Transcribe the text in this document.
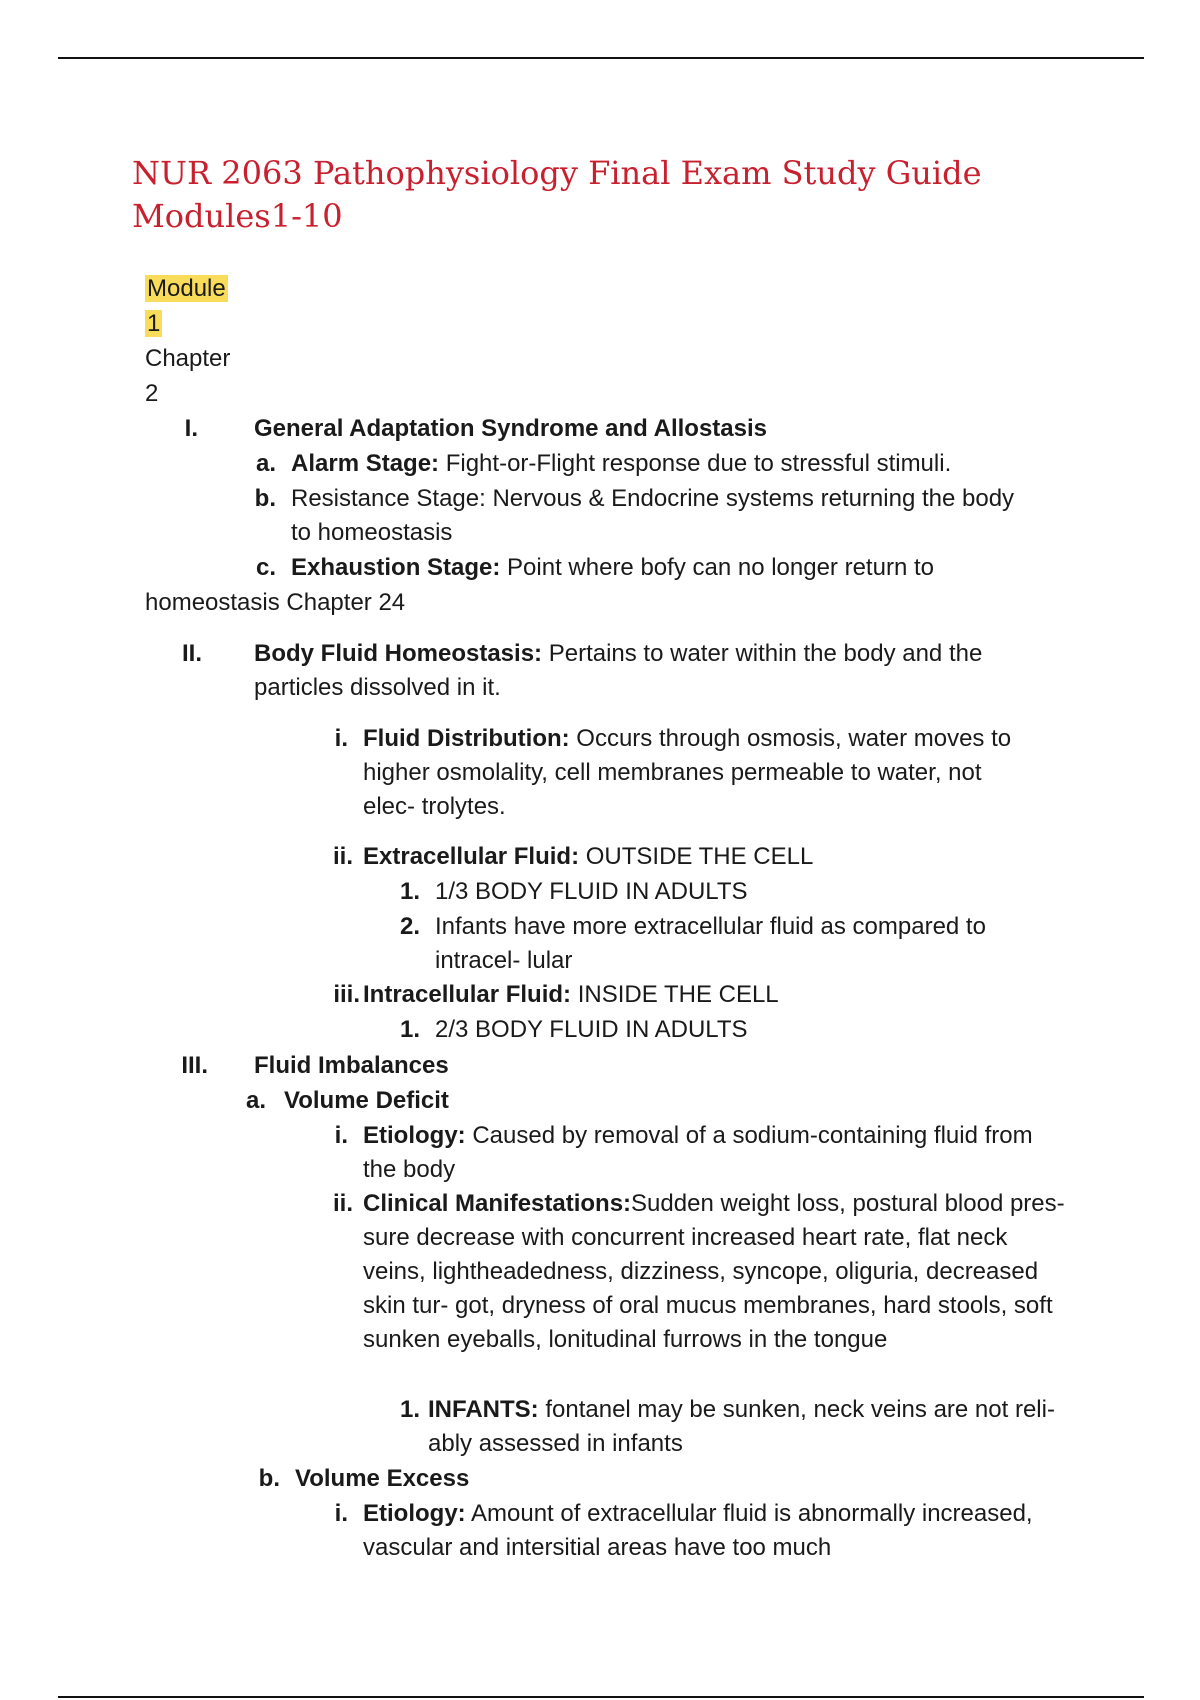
NUR 2063 Pathophysiology Final Exam Study Guide Modules1-10
Module
1
Chapter
2
I. General Adaptation Syndrome and Allostasis
a. Alarm Stage: Fight-or-Flight response due to stressful stimuli.
b. Resistance Stage: Nervous & Endocrine systems returning the body to homeostasis
c. Exhaustion Stage: Point where bofy can no longer return to
homeostasis Chapter 24
II. Body Fluid Homeostasis: Pertains to water within the body and the particles dissolved in it.
i. Fluid Distribution: Occurs through osmosis, water moves to higher osmolality, cell membranes permeable to water, not elec- trolytes.
ii. Extracellular Fluid: OUTSIDE THE CELL
1. 1/3 BODY FLUID IN ADULTS
2. Infants have more extracellular fluid as compared to intracel- lular
iii. Intracellular Fluid: INSIDE THE CELL
1. 2/3 BODY FLUID IN ADULTS
III. Fluid Imbalances
a. Volume Deficit
i. Etiology: Caused by removal of a sodium-containing fluid from the body
ii. Clinical Manifestations:Sudden weight loss, postural blood pres- sure decrease with concurrent increased heart rate, flat neck veins, lightheadedness, dizziness, syncope, oliguria, decreased skin tur- got, dryness of oral mucus membranes, hard stools, soft sunken eyeballs, lonitudinal furrows in the tongue
1. INFANTS: fontanel may be sunken, neck veins are not reli- ably assessed in infants
b. Volume Excess
i. Etiology: Amount of extracellular fluid is abnormally increased, vascular and intersitial areas have too much
